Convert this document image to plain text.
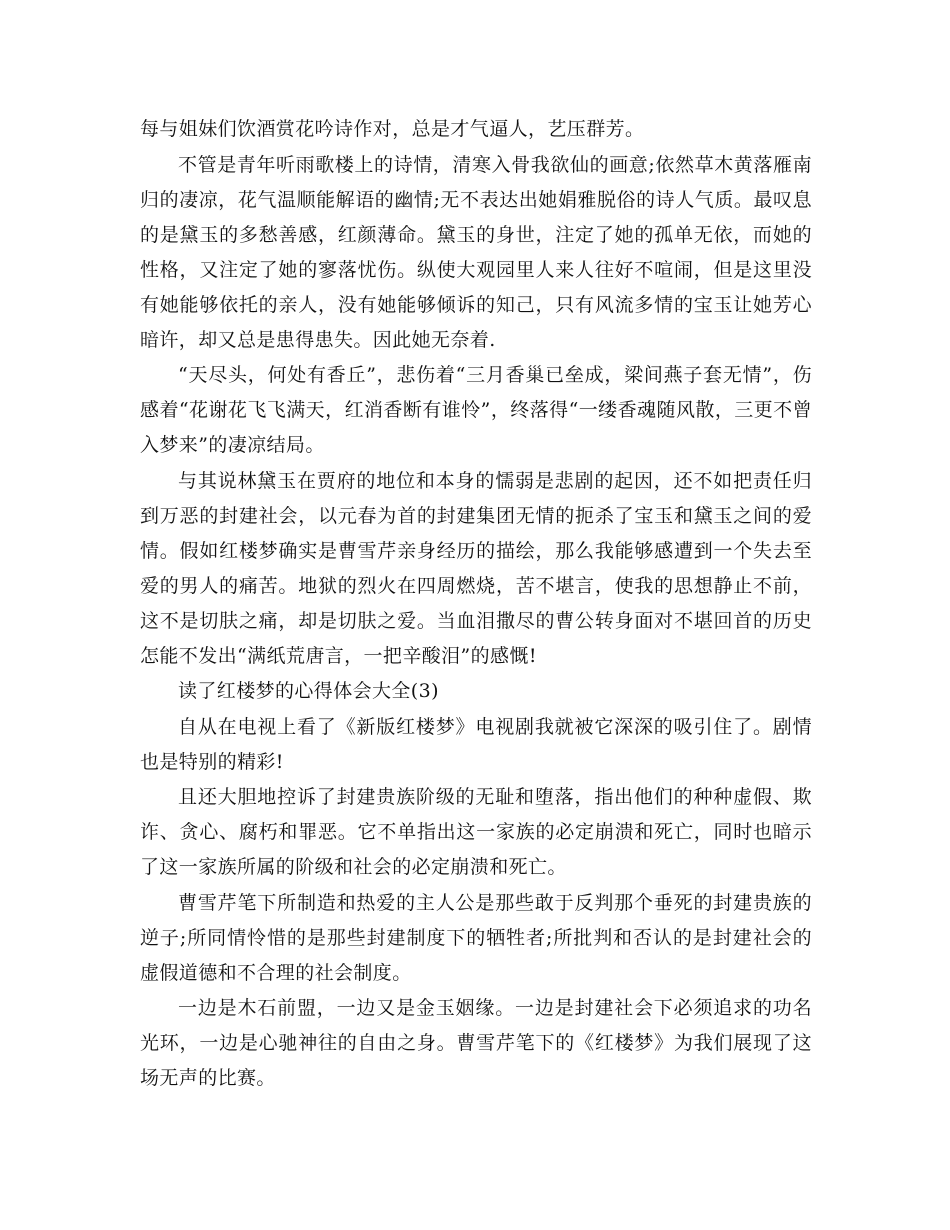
每与姐妹们饮酒赏花吟诗作对，总是才气逼人，艺压群芳。

不管是青年听雨歌楼上的诗情，清寒入骨我欲仙的画意;依然草木黄落雁南归的凄凉，花气温顺能解语的幽情;无不表达出她娟雅脱俗的诗人气质。最叹息的是黛玉的多愁善感，红颜薄命。黛玉的身世，注定了她的孤单无依，而她的性格，又注定了她的寥落忧伤。纵使大观园里人来人往好不喧闹，但是这里没有她能够依托的亲人，没有她能够倾诉的知己，只有风流多情的宝玉让她芳心暗许，却又总是患得患失。因此她无奈着.

“天尽头，何处有香丘”，悲伤着“三月香巢已垒成，梁间燕子套无情”，伤感着“花谢花飞飞满天，红消香断有谁怜”，终落得“一缕香魂随风散，三更不曾入梦来”的凄凉结局。

与其说林黛玉在贾府的地位和本身的懦弱是悲剧的起因，还不如把责任归到万恶的封建社会，以元春为首的封建集团无情的扼杀了宝玉和黛玉之间的爱情。假如红楼梦确实是曹雪芹亲身经历的描绘，那么我能够感遭到一个失去至爱的男人的痛苦。地狱的烈火在四周燃烧，苦不堪言，使我的思想静止不前，这不是切肤之痛，却是切肤之爱。当血泪撒尽的曹公转身面对不堪回首的历史怎能不发出“满纸荒唐言，一把辛酸泪”的感慨!

读了红楼梦的心得体会大全(3)

自从在电视上看了《新版红楼梦》电视剧我就被它深深的吸引住了。剧情也是特别的精彩!

且还大胆地控诉了封建贵族阶级的无耻和堕落，指出他们的种种虚假、欺诈、贪心、腐朽和罪恶。它不单指出这一家族的必定崩溃和死亡，同时也暗示了这一家族所属的阶级和社会的必定崩溃和死亡。

曹雪芹笔下所制造和热爱的主人公是那些敢于反判那个垂死的封建贵族的逆子;所同情怜惜的是那些封建制度下的牺牲者;所批判和否认的是封建社会的虚假道德和不合理的社会制度。

一边是木石前盟，一边又是金玉姻缘。一边是封建社会下必须追求的功名光环，一边是心驰神往的自由之身。曹雪芹笔下的《红楼梦》为我们展现了这场无声的比赛。
